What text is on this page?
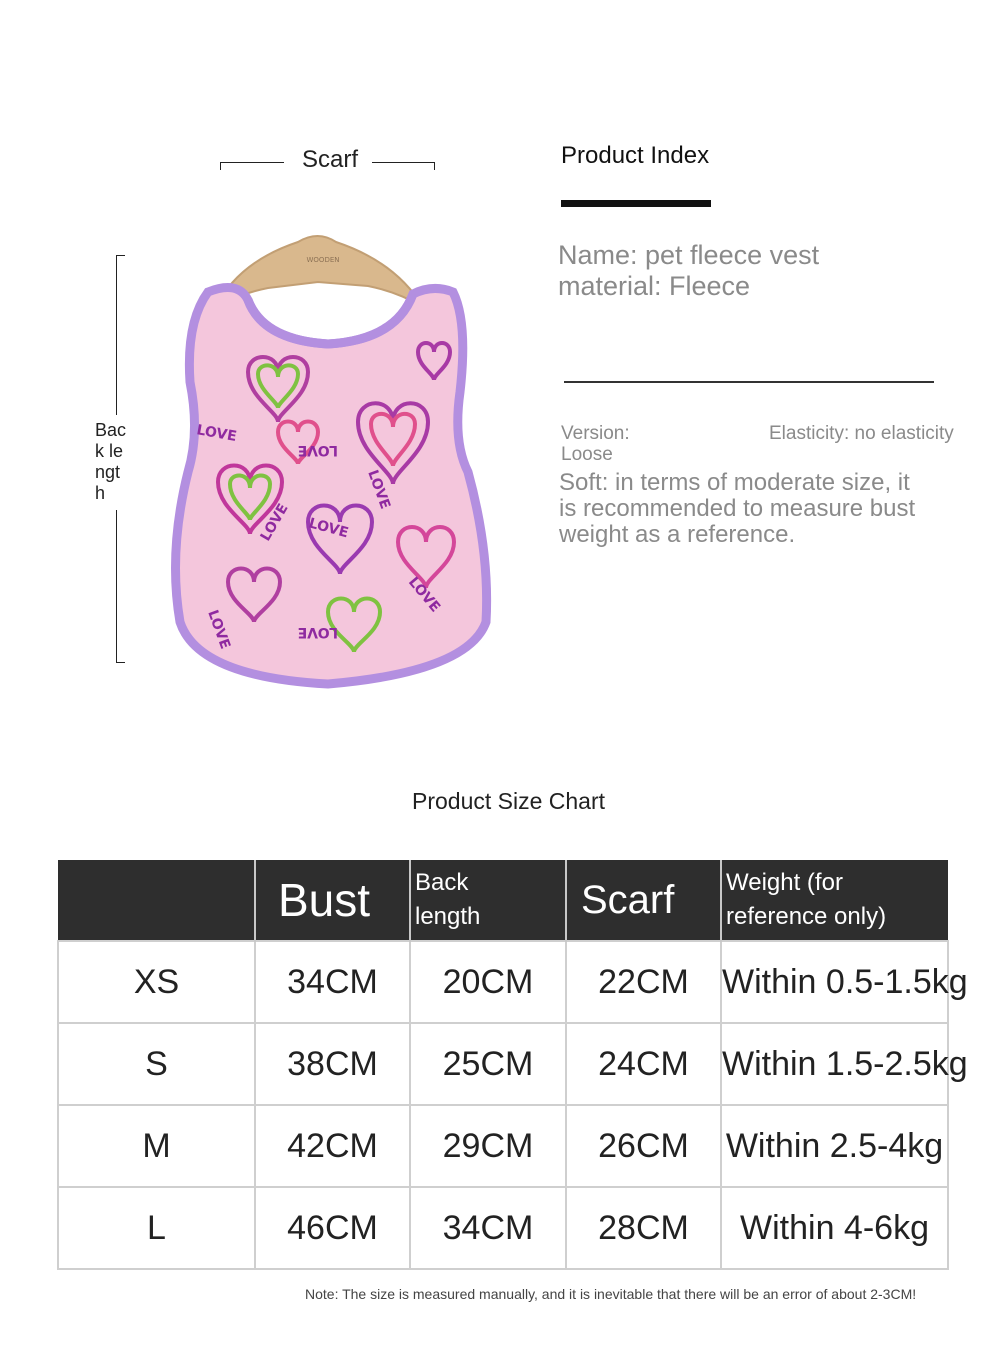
Scarf
Back length
WOODEN
LOVE
LOVE
LOVE
LOVE
LOVE
LOVE
LOVE
LOVE
Product Index
Name: pet fleece vest material: Fleece
Version: Loose
Elasticity: no elasticity
Soft: in terms of moderate size, it is recommended to measure bust weight as a reference.
Product Size Chart
	Bust	Back length	Scarf	Weight (for reference only)
XS	34CM	20CM	22CM	Within 0.5-1.5kg
S	38CM	25CM	24CM	Within 1.5-2.5kg
M	42CM	29CM	26CM	Within 2.5-4kg
L	46CM	34CM	28CM	Within 4-6kg
Note: The size is measured manually, and it is inevitable that there will be an error of about 2-3CM!
